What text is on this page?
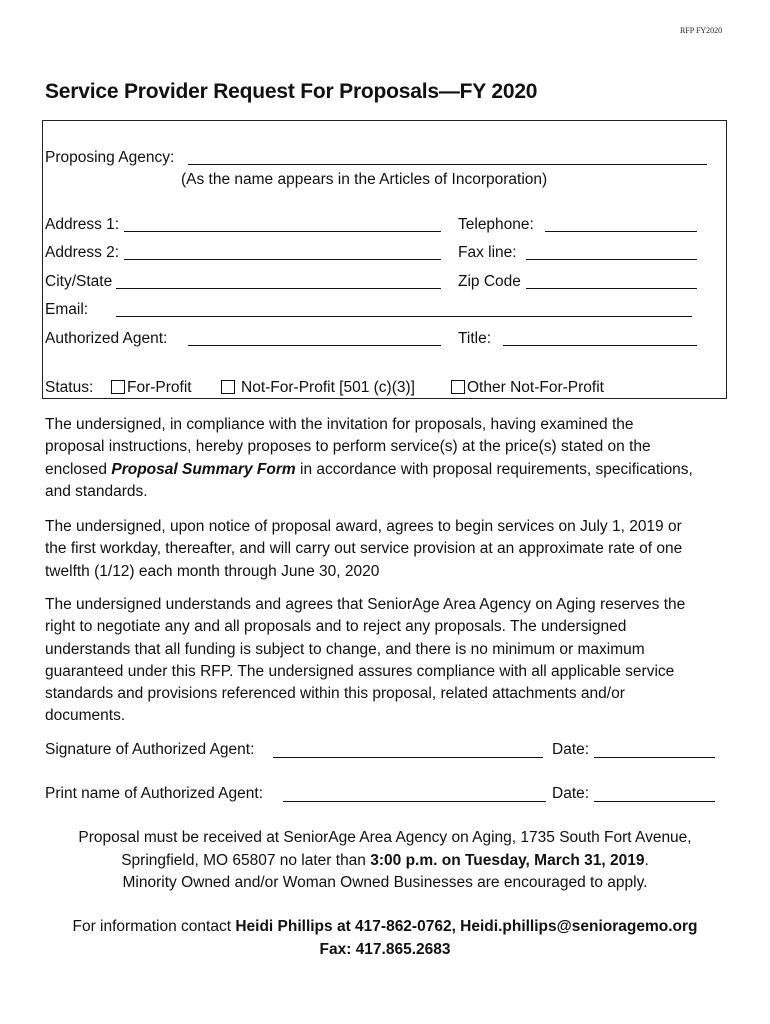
RFP FY2020
Service Provider Request For Proposals—FY 2020
Proposing Agency:
(As the name appears in the Articles of Incorporation)
Address 1:	Telephone:
Address 2:	Fax line:
City/State	Zip Code
Email:
Authorized Agent:	Title:
Status:	For-Profit	Not-For-Profit [501 (c)(3)]	Other Not-For-Profit

The undersigned, in compliance with the invitation for proposals, having examined the

proposal instructions, hereby proposes to perform service(s) at the price(s) stated on the

enclosed Proposal Summary Form in accordance with proposal requirements, specifications,

and standards.

The undersigned, upon notice of proposal award, agrees to begin services on July 1, 2019 or

the first workday, thereafter, and will carry out service provision at an approximate rate of one

twelfth (1/12) each month through June 30, 2020

The undersigned understands and agrees that SeniorAge Area Agency on Aging reserves the

right to negotiate any and all proposals and to reject any proposals. The undersigned

understands that all funding is subject to change, and there is no minimum or maximum

guaranteed under this RFP. The undersigned assures compliance with all applicable service

standards and provisions referenced within this proposal, related attachments and/or

documents.

Signature of Authorized Agent:	Date:
Print name of Authorized Agent:	Date:

Proposal must be received at SeniorAge Area Agency on Aging, 1735 South Fort Avenue,

Springfield, MO 65807 no later than 3:00 p.m. on Tuesday, March 31, 2019.

Minority Owned and/or Woman Owned Businesses are encouraged to apply.

For information contact Heidi Phillips at 417-862-0762, Heidi.phillips@senioragemo.org

Fax: 417.865.2683
